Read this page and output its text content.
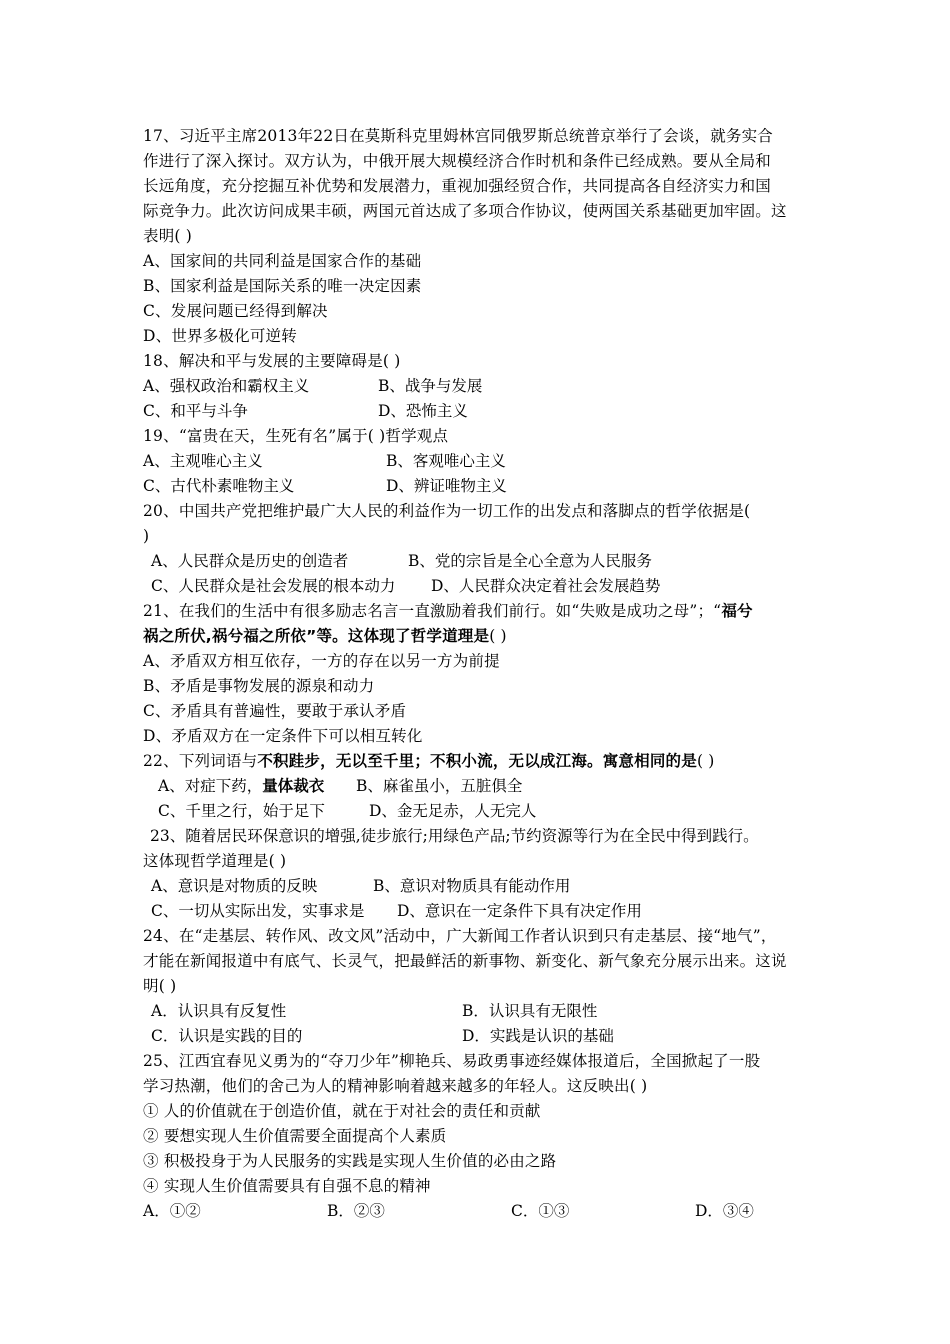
17、习近平主席2013年22日在莫斯科克里姆林宫同俄罗斯总统普京举行了会谈，就务实合
作进行了深入探讨。双方认为，中俄开展大规模经济合作时机和条件已经成熟。要从全局和
长远角度，充分挖掘互补优势和发展潜力，重视加强经贸合作，共同提高各自经济实力和国
际竞争力。此次访问成果丰硕，两国元首达成了多项合作协议，使两国关系基础更加牢固。这
表明( )
A、国家间的共同利益是国家合作的基础
B、国家利益是国际关系的唯一决定因素
C、发展问题已经得到解决
D、世界多极化可逆转
18、解决和平与发展的主要障碍是( )
A、强权政治和霸权主义	B、战争与发展
C、和平与斗争	D、恐怖主义
19、“富贵在天，生死有名”属于( )哲学观点
A、主观唯心主义	B、客观唯心主义
C、古代朴素唯物主义	D、辨证唯物主义
20、中国共产党把维护最广大人民的利益作为一切工作的出发点和落脚点的哲学依据是(
)
A、人民群众是历史的创造者	B、党的宗旨是全心全意为人民服务
C、人民群众是社会发展的根本动力 D、人民群众决定着社会发展趋势
21、在我们的生活中有很多励志名言一直激励着我们前行。如“失败是成功之母”；“福兮
祸之所伏,祸兮福之所依”等。这体现了哲学道理是( )
A、矛盾双方相互依存，一方的存在以另一方为前提
B、矛盾是事物发展的源泉和动力
C、矛盾具有普遍性，要敢于承认矛盾
D、矛盾双方在一定条件下可以相互转化
22、下列词语与不积跬步，无以至千里；不积小流，无以成江海。寓意相同的是( )
A、对症下药，量体裁衣 B、麻雀虽小，五脏俱全
C、千里之行，始于足下	D、金无足赤，人无完人
23、随着居民环保意识的增强,徒步旅行;用绿色产品;节约资源等行为在全民中得到践行。
这体现哲学道理是( )
A、意识是对物质的反映	B、意识对物质具有能动作用
C、一切从实际出发，实事求是 D、意识在一定条件下具有决定作用
24、在“走基层、转作风、改文风”活动中，广大新闻工作者认识到只有走基层、接“地气”，
才能在新闻报道中有底气、长灵气，把最鲜活的新事物、新变化、新气象充分展示出来。这说
明( )
A．认识具有反复性	B．认识具有无限性
C．认识是实践的目的	D．实践是认识的基础
25、江西宜春见义勇为的“夺刀少年”柳艳兵、易政勇事迹经媒体报道后，全国掀起了一股
学习热潮，他们的舍己为人的精神影响着越来越多的年轻人。这反映出( )
① 人的价值就在于创造价值，就在于对社会的责任和贡献
② 要想实现人生价值需要全面提高个人素质
③ 积极投身于为人民服务的实践是实现人生价值的必由之路
④ 实现人生价值需要具有自强不息的精神
A．①②	B．②③	C．①③	D．③④
